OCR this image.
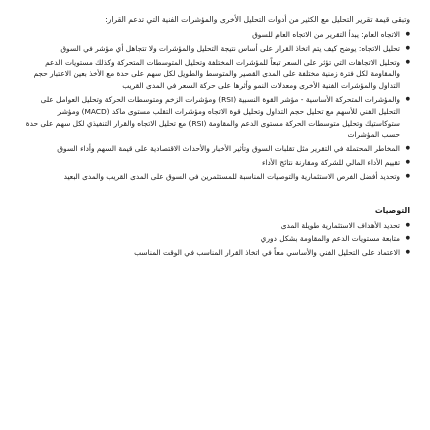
وتبقى قيمة تقرير التحليل مع الكثير من أدوات التحليل الأخرى والمؤشرات الفنية التي تدعم القرار:

● الاتجاه العام: يبدأ التقرير من الاتجاه العام للسوق
● تحليل الاتجاه: يوضح كيف يتم اتخاذ القرار على أساس نتيجة التحليل والمؤشرات ولا تتجاهل أي مؤشر في السوق
● وتحليل الاتجاهات التي تؤثر على السعر تبعاً للمؤشرات المختلفة وتحليل المتوسطات المتحركة وكذلك مستويات الدعم والمقاومة لكل فترة زمنية مختلفة على المدى القصير والمتوسط والطويل لكل سهم على حدة مع الأخذ بعين الاعتبار حجم التداول والمؤشرات الفنية الأخرى ومعدلات النمو وأثرها على حركة السعر في المدى القريب
● والمؤشرات المتحركة الأساسية - مؤشر القوة النسبية (RSI) ومؤشرات الزخم ومتوسطات الحركة وتحليل العوامل على التحليل الفني للأسهم مع تحليل حجم التداول وتحليل قوة الاتجاه ومؤشرات التقلب مستوى ماكد (MACD) ومؤشر ستوكاستيك وتحليل متوسطات الحركة مستوى الدعم والمقاومة (RSI) مع تحليل الاتجاه والقرار التنفيذي لكل سهم على حدة حسب المؤشرات
● المخاطر المحتملة في التقرير مثل تقلبات السوق وتأثير الأخبار والأحداث الاقتصادية على قيمة السهم وأداء السوق
● تقييم الأداء المالي للشركة ومقارنة نتائج الأداء
● وتحديد أفضل الفرص الاستثمارية والتوصيات المناسبة للمستثمرين في السوق على المدى القريب والمدى البعيد
التوصيات
● تحديد الأهداف الاستثمارية طويلة المدى
● متابعة مستويات الدعم والمقاومة بشكل دوري
● الاعتماد على التحليل الفني والأساسي معاً في اتخاذ القرار المناسب في الوقت المناسب
